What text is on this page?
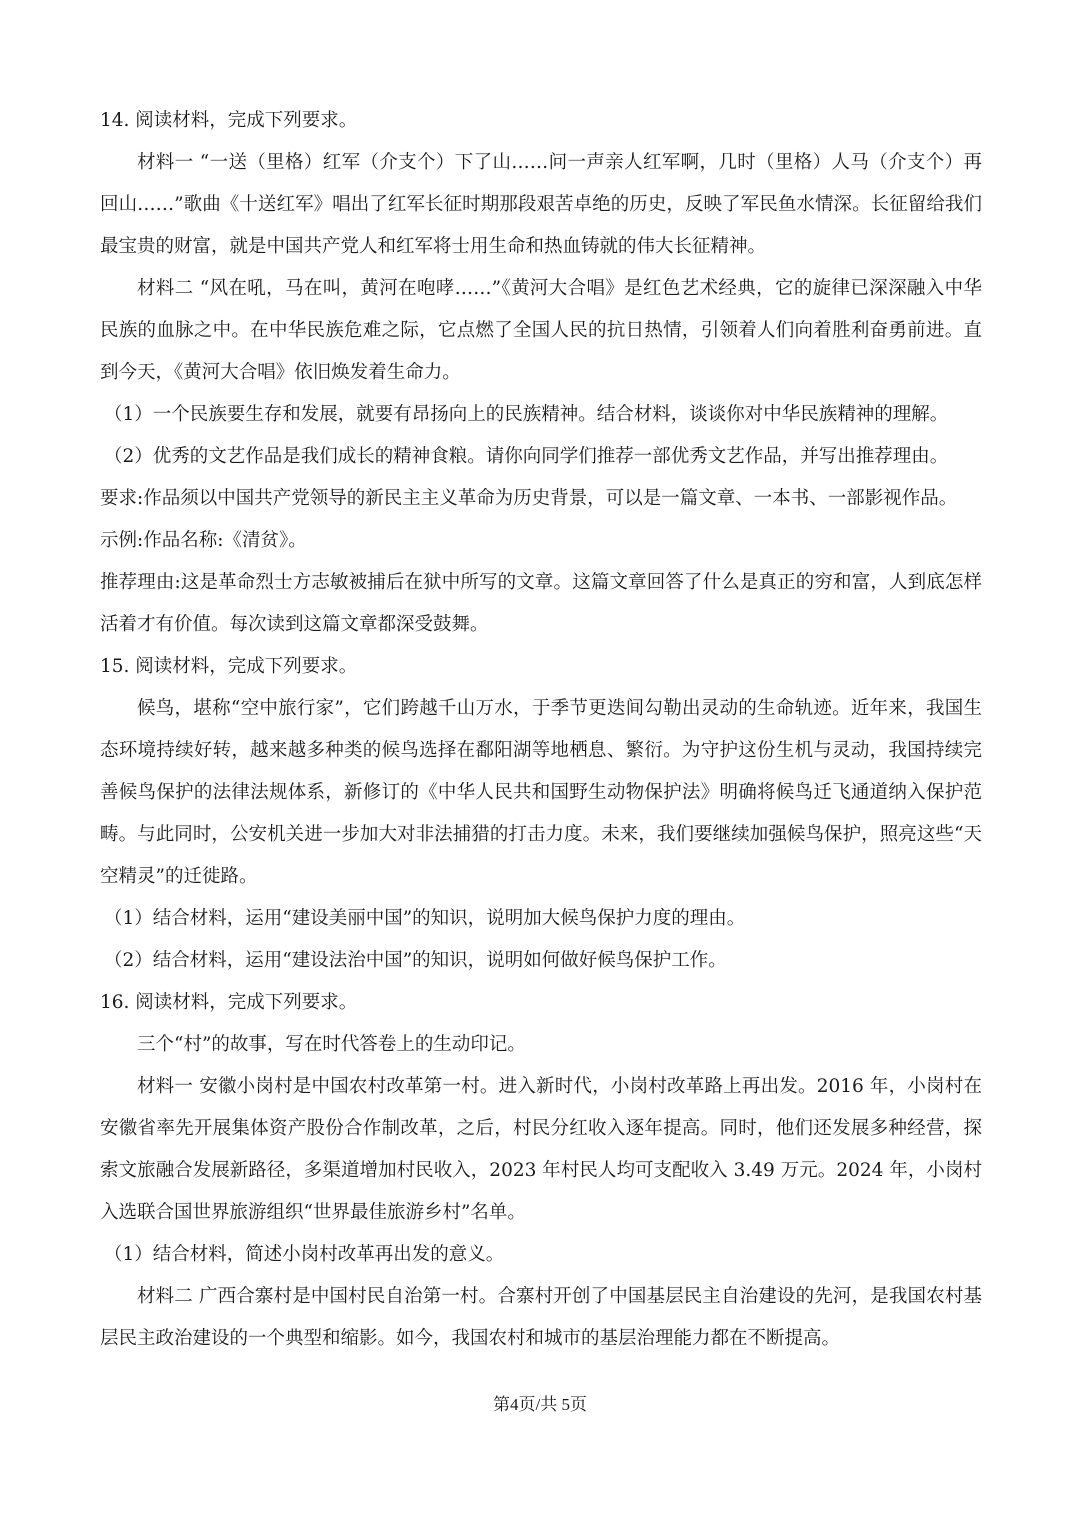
14. 阅读材料，完成下列要求。
材料一 “一送（里格）红军（介支个）下了山……问一声亲人红军啊，几时（里格）人马（介支个）再回山……”歌曲《十送红军》唱出了红军长征时期那段艰苦卓绝的历史，反映了军民鱼水情深。长征留给我们最宝贵的财富，就是中国共产党人和红军将士用生命和热血铸就的伟大长征精神。
材料二 “风在吼，马在叫，黄河在咆哮……”《黄河大合唱》是红色艺术经典，它的旋律已深深融入中华民族的血脉之中。在中华民族危难之际，它点燃了全国人民的抗日热情，引领着人们向着胜利奋勇前进。直到今天，《黄河大合唱》依旧焕发着生命力。
（1）一个民族要生存和发展，就要有昂扬向上的民族精神。结合材料，谈谈你对中华民族精神的理解。
（2）优秀的文艺作品是我们成长的精神食粮。请你向同学们推荐一部优秀文艺作品，并写出推荐理由。
要求:作品须以中国共产党领导的新民主主义革命为历史背景，可以是一篇文章、一本书、一部影视作品。
示例:作品名称:《清贫》。
推荐理由:这是革命烈士方志敏被捕后在狱中所写的文章。这篇文章回答了什么是真正的穷和富，人到底怎样活着才有价值。每次读到这篇文章都深受鼓舞。
15. 阅读材料，完成下列要求。
候鸟，堪称“空中旅行家”，它们跨越千山万水，于季节更迭间勾勒出灵动的生命轨迹。近年来，我国生态环境持续好转，越来越多种类的候鸟选择在鄱阳湖等地栖息、繁衍。为守护这份生机与灵动，我国持续完善候鸟保护的法律法规体系，新修订的《中华人民共和国野生动物保护法》明确将候鸟迁飞通道纳入保护范畴。与此同时，公安机关进一步加大对非法捕猎的打击力度。未来，我们要继续加强候鸟保护，照亮这些“天空精灵”的迁徙路。
（1）结合材料，运用“建设美丽中国”的知识，说明加大候鸟保护力度的理由。
（2）结合材料，运用“建设法治中国”的知识，说明如何做好候鸟保护工作。
16. 阅读材料，完成下列要求。
三个“村”的故事，写在时代答卷上的生动印记。
材料一 安徽小岗村是中国农村改革第一村。进入新时代，小岗村改革路上再出发。2016 年，小岗村在安徽省率先开展集体资产股份合作制改革，之后，村民分红收入逐年提高。同时，他们还发展多种经营，探索文旅融合发展新路径，多渠道增加村民收入，2023 年村民人均可支配收入 3.49 万元。2024 年，小岗村入选联合国世界旅游组织“世界最佳旅游乡村”名单。
（1）结合材料，简述小岗村改革再出发的意义。
材料二 广西合寨村是中国村民自治第一村。合寨村开创了中国基层民主自治建设的先河，是我国农村基层民主政治建设的一个典型和缩影。如今，我国农村和城市的基层治理能力都在不断提高。
第4页/共 5页
